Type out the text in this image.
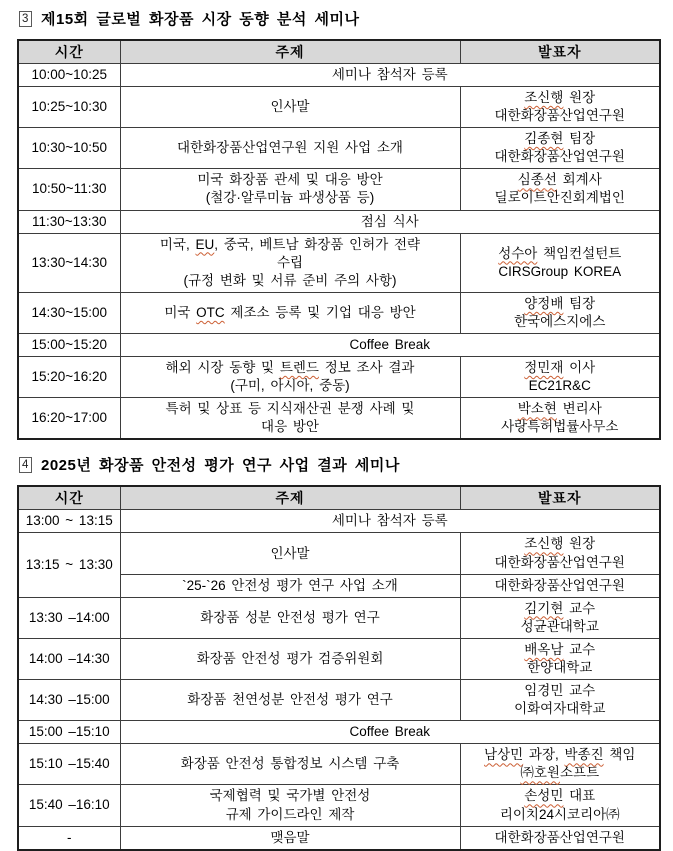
3 제15회 글로벌 화장품 시장 동향 분석 세미나
시간	주제	발표자
10:00~10:25	세미나 참석자 등록	
10:25~10:30	인사말	조신행 원장
대한화장품산업연구원
10:30~10:50	대한화장품산업연구원 지원 사업 소개	김종현 팀장
대한화장품산업연구원
10:50~11:30	미국 화장품 관세 및 대응 방안
(철강·알루미늄 파생상품 등)	심종선 회계사
딜로이트안진회계법인
11:30~13:30	점심 식사	
13:30~14:30	미국, EU, 중국, 베트남 화장품 인허가 전략
수립
(규정 변화 및 서류 준비 주의 사항)	성수아 책임컨설턴트
CIRSGroup KOREA
14:30~15:00	미국 OTC 제조소 등록 및 기업 대응 방안	양정배 팀장
한국에스지에스
15:00~15:20	Coffee Break	
15:20~16:20	해외 시장 동향 및 트렌드 정보 조사 결과
(구미, 아시아, 중동)	정민재 이사
EC21R&C
16:20~17:00	특허 및 상표 등 지식재산권 분쟁 사례 및
대응 방안	박소현 변리사
사랑특허법률사무소
4 2025년 화장품 안전성 평가 연구 사업 결과 세미나
시간	주제	발표자
13:00 ~ 13:15	세미나 참석자 등록	
13:15 ~ 13:30	인사말	조신행 원장
대한화장품산업연구원
	`25-`26 안전성 평가 연구 사업 소개	대한화장품산업연구원
13:30 –14:00	화장품 성분 안전성 평가 연구	김기현 교수
성균관대학교
14:00 –14:30	화장품 안전성 평가 검증위원회	배옥남 교수
한양대학교
14:30 –15:00	화장품 천연성분 안전성 평가 연구	임경민 교수
이화여자대학교
15:00 –15:10	Coffee Break	
15:10 –15:40	화장품 안전성 통합정보 시스템 구축	남상민 과장, 박종진 책임
㈜호원소프트
15:40 –16:10	국제협력 및 국가별 안전성
규제 가이드라인 제작	손성민 대표
리이치24시코리아㈜
-	맺음말	대한화장품산업연구원
